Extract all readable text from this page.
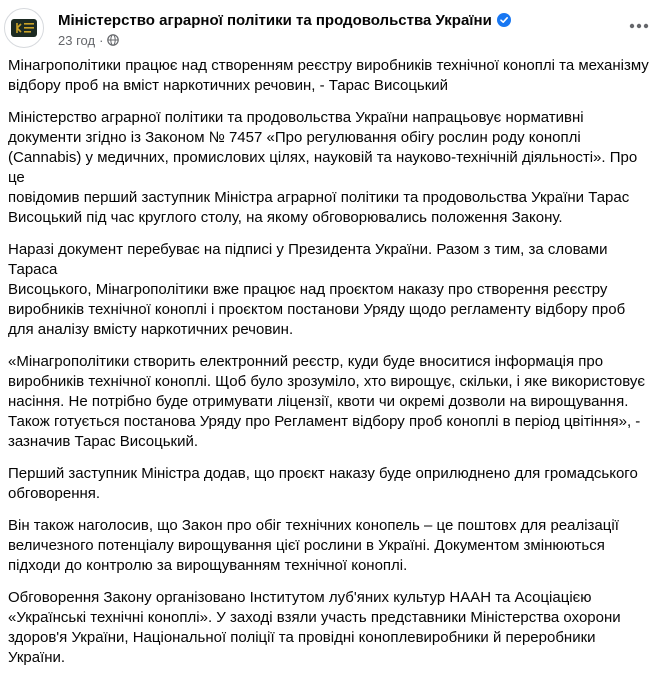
Міністерство аграрної політики та продовольства України
23 год ·

Мінагрополітики працює над створенням реєстру виробників технічної коноплі та механізму
відбору проб на вміст наркотичних речовин, - Тарас Висоцький

Міністерство аграрної політики та продовольства України напрацьовує нормативні
документи згідно із Законом № 7457 «Про регулювання обігу рослин роду коноплі
(Cannabis) у медичних, промислових цілях, науковій та науково-технічній діяльності». Про це
повідомив перший заступник Міністра аграрної політики та продовольства України Тарас
Висоцький під час круглого столу, на якому обговорювались положення Закону.

Наразі документ перебуває на підписі у Президента України. Разом з тим, за словами Тараса
Висоцького, Мінагрополітики вже працює над проєктом наказу про створення реєстру
виробників технічної коноплі і проєктом постанови Уряду щодо регламенту відбору проб
для аналізу вмісту наркотичних речовин.

«Мінагрополітики створить електронний реєстр, куди буде вноситися інформація про
виробників технічної коноплі. Щоб було зрозуміло, хто вирощує, скільки, і яке використовує
насіння. Не потрібно буде отримувати ліцензії, квоти чи окремі дозволи на вирощування.
Також готується постанова Уряду про Регламент відбору проб коноплі в період цвітіння», -
зазначив Тарас Висоцький.

Перший заступник Міністра додав, що проєкт наказу буде оприлюднено для громадського
обговорення.

Він також наголосив, що Закон про обіг технічних конопель – це поштовх для реалізації
величезного потенціалу вирощування цієї рослини в Україні. Документом змінюються
підходи до контролю за вирощуванням технічної коноплі.

Обговорення Закону організовано Інститутом луб'яних культур НААН та Асоціацією
«Українські технічні коноплі». У заході взяли участь представники Міністерства охорони
здоров'я України, Національної поліції та провідні коноплевиробники й переробники
України.
